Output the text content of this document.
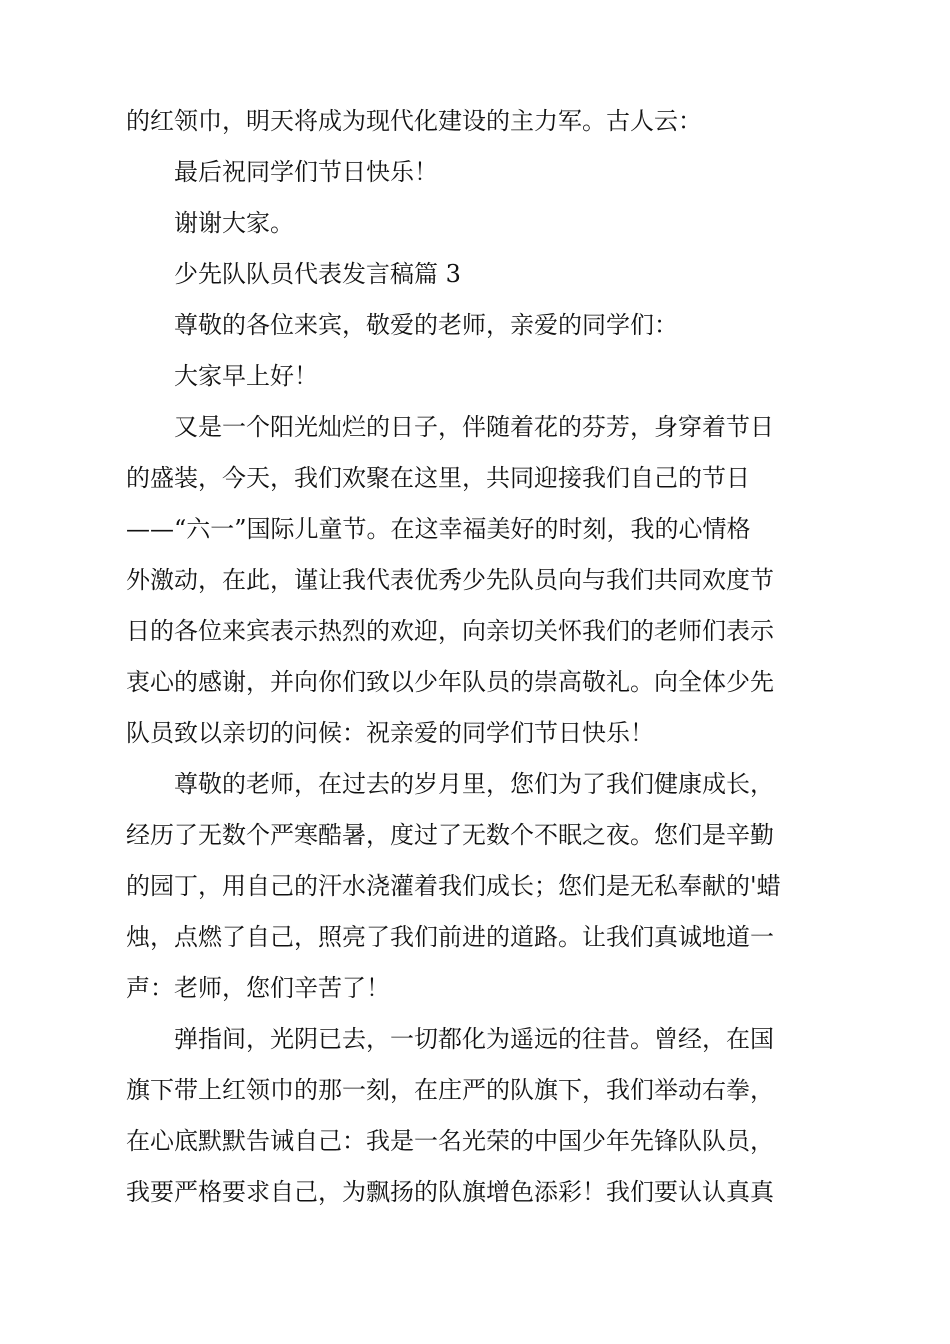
的红领巾，明天将成为现代化建设的主力军。古人云：
最后祝同学们节日快乐！
谢谢大家。
少先队队员代表发言稿篇 3
尊敬的各位来宾，敬爱的老师，亲爱的同学们：
大家早上好！
又是一个阳光灿烂的日子，伴随着花的芬芳，身穿着节日
的盛装，今天，我们欢聚在这里，共同迎接我们自己的节日
——“六一”国际儿童节。在这幸福美好的时刻，我的心情格
外激动，在此，谨让我代表优秀少先队员向与我们共同欢度节
日的各位来宾表示热烈的欢迎，向亲切关怀我们的老师们表示
衷心的感谢，并向你们致以少年队员的崇高敬礼。向全体少先
队员致以亲切的问候：祝亲爱的同学们节日快乐！
尊敬的老师，在过去的岁月里，您们为了我们健康成长，
经历了无数个严寒酷暑，度过了无数个不眠之夜。您们是辛勤
的园丁，用自己的汗水浇灌着我们成长；您们是无私奉献的'蜡
烛，点燃了自己，照亮了我们前进的道路。让我们真诚地道一
声：老师，您们辛苦了！
弹指间，光阴已去，一切都化为遥远的往昔。曾经，在国
旗下带上红领巾的那一刻，在庄严的队旗下，我们举动右拳，
在心底默默告诫自己：我是一名光荣的中国少年先锋队队员，
我要严格要求自己，为飘扬的队旗增色添彩！我们要认认真真
